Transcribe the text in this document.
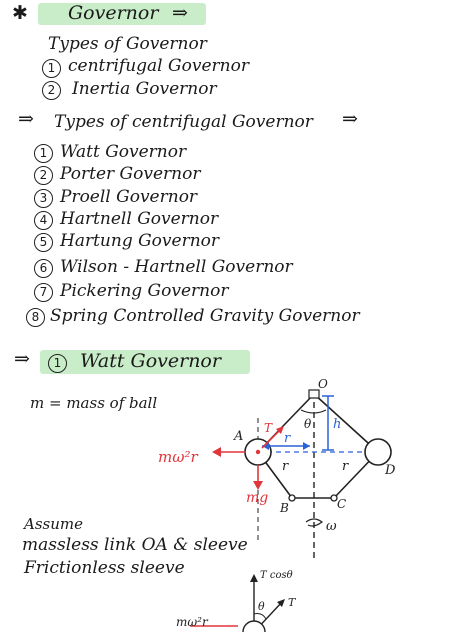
✱ Governor ⇒
Types of Governor
1 centrifugal Governor
2 Inertia Governor
⇒ Types of centrifugal Governor ⇒
1 Watt Governor
2 Porter Governor
3 Proell Governor
4 Hartnell Governor
5 Hartung Governor
6 Wilson - Hartnell Governor
7 Pickering Governor
8 Spring Controlled Gravity Governor
⇒	1 Watt Governor
m = mass of ball
O
A
B	C
D
θ h
T
r
r	r
mω²r
mg
ω
T cosθ
θ T
mω²r
Assume
massless link OA & sleeve
Frictionless sleeve
